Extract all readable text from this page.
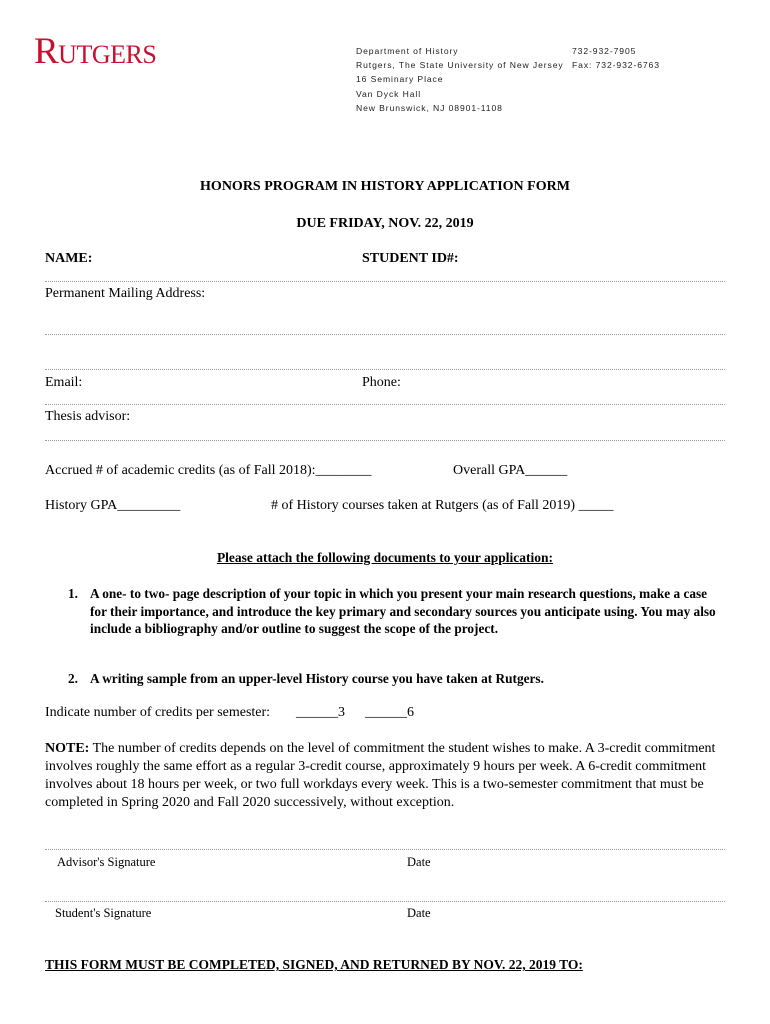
Rutgers	Department of History
Rutgers, The State University of New Jersey
16 Seminary Place
Van Dyck Hall
New Brunswick, NJ 08901-1108
732-932-7905
Fax: 732-932-6763
HONORS PROGRAM IN HISTORY APPLICATION FORM
DUE FRIDAY, NOV. 22, 2019
NAME:	STUDENT ID#:
Permanent Mailing Address:
Email:	Phone:
Thesis advisor:
Accrued # of academic credits (as of Fall 2018):________	Overall GPA______
History GPA_________	# of History courses taken at Rutgers (as of Fall 2019) _____
Please attach the following documents to your application:
1. A one- to two- page description of your topic in which you present your main research questions, make a case for their importance, and introduce the key primary and secondary sources you anticipate using. You may also include a bibliography and/or outline to suggest the scope of the project.
2. A writing sample from an upper-level History course you have taken at Rutgers.
Indicate number of credits per semester: ______3 ______6
NOTE: The number of credits depends on the level of commitment the student wishes to make. A 3-credit commitment involves roughly the same effort as a regular 3-credit course, approximately 9 hours per week. A 6-credit commitment involves about 18 hours per week, or two full workdays every week. This is a two-semester commitment that must be completed in Spring 2020 and Fall 2020 successively, without exception.
Advisor's Signature	Date
Student's Signature	Date
THIS FORM MUST BE COMPLETED, SIGNED, AND RETURNED BY NOV. 22, 2019 TO:
